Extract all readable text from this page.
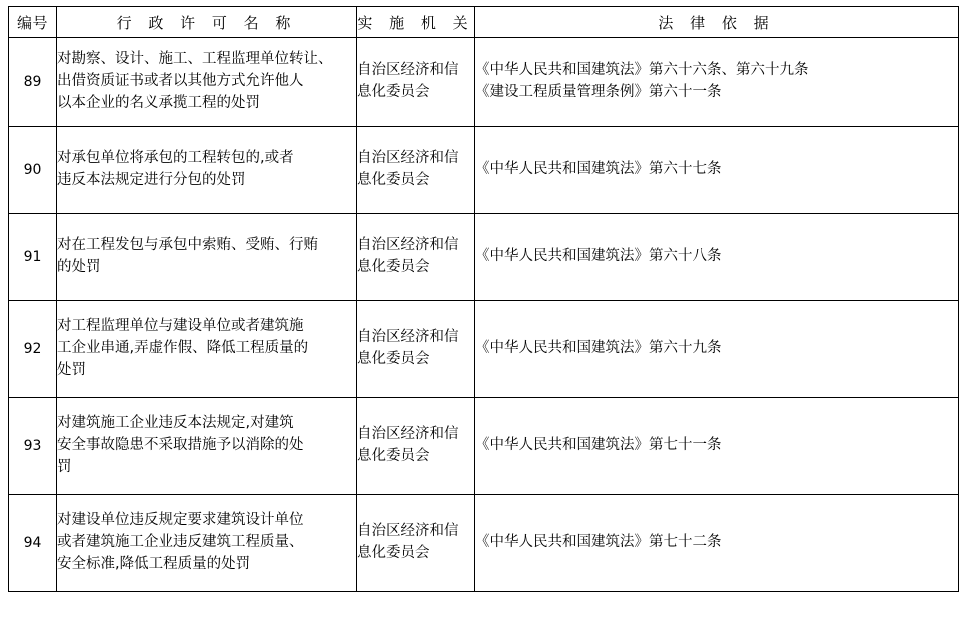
编号	行 政 许 可 名 称	实 施 机 关	法 律 依 据
89	对勘察、设计、施工、工程监理单位转让、
出借资质证书或者以其他方式允许他人
以本企业的名义承揽工程的处罚	自治区经济和信
息化委员会	《中华人民共和国建筑法》第六十六条、第六十九条
《建设工程质量管理条例》第六十一条

90	对承包单位将承包的工程转包的,或者
违反本法规定进行分包的处罚	自治区经济和信
息化委员会	《中华人民共和国建筑法》第六十七条

91	对在工程发包与承包中索贿、受贿、行贿
的处罚	自治区经济和信
息化委员会	《中华人民共和国建筑法》第六十八条

92	对工程监理单位与建设单位或者建筑施
工企业串通,弄虚作假、降低工程质量的
处罚	自治区经济和信
息化委员会	《中华人民共和国建筑法》第六十九条

93	对建筑施工企业违反本法规定,对建筑
安全事故隐患不采取措施予以消除的处
罚	自治区经济和信
息化委员会	《中华人民共和国建筑法》第七十一条

94	对建设单位违反规定要求建筑设计单位
或者建筑施工企业违反建筑工程质量、
安全标准,降低工程质量的处罚	自治区经济和信
息化委员会	《中华人民共和国建筑法》第七十二条
